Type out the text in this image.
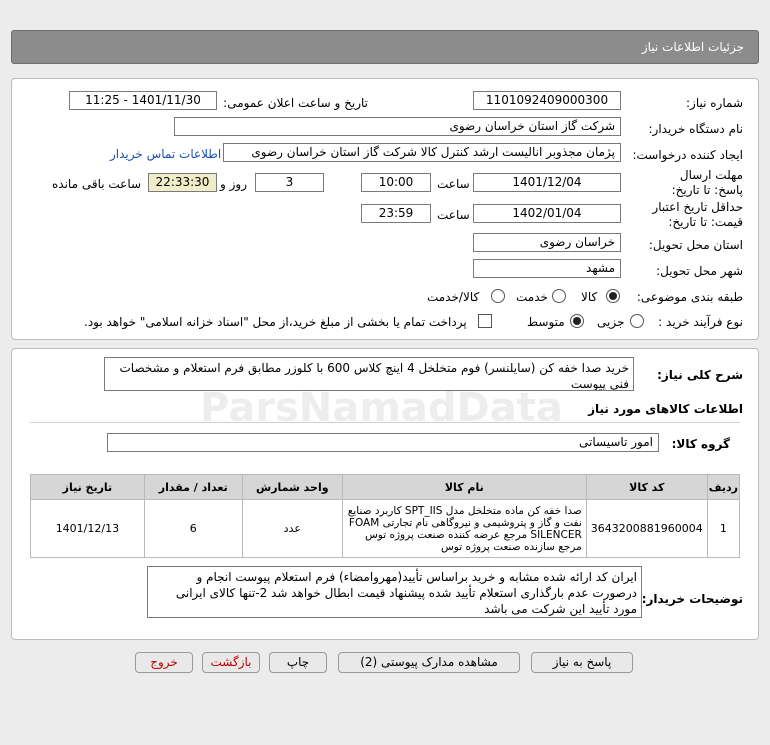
جزئیات اطلاعات نیاز
شماره نیاز:
1101092409000300
تاریخ و ساعت اعلان عمومی:
1401/11/30 - 11:25
نام دستگاه خریدار:
شرکت گاز استان خراسان رضوی
ایجاد کننده درخواست:
پژمان مجذوبر انالیست ارشد کنترل کالا شرکت گاز استان خراسان رضوی
اطلاعات تماس خریدار
مهلت ارسال پاسخ: تا تاریخ:
1401/12/04
ساعت
10:00
3
روز و
22:33:30
ساعت باقی مانده
حداقل تاریخ اعتبار قیمت: تا تاریخ:
1402/01/04
ساعت
23:59
استان محل تحویل:
خراسان رضوی
شهر محل تحویل:
مشهد
طبقه بندی موضوعی:
کالا
خدمت
کالا/خدمت
نوع فرآیند خرید :
جزیی
متوسط
پرداخت تمام یا بخشی از مبلغ خرید،از محل "اسناد خزانه اسلامی" خواهد بود.
شرح کلی نیاز:
خرید صدا خفه کن (سایلنسر) فوم متخلخل 4 اینچ کلاس 600 با کلوزر مطابق فرم استعلام و مشخصات فنی پیوست
اطلاعات کالاهای مورد نیاز
ParsNamadData
گروه کالا:
امور تاسیساتی
ردیف	کد کالا	نام کالا	واحد شمارش	تعداد / مقدار	تاریخ نیاز
1	3643200881960004	صدا خفه کن ماده متخلخل مدل SPT_IIS کاربرد صنایع نفت و گاز و پتروشیمی و نیروگاهی نام تجارتی FOAM SILENCER مرجع عرضه کننده صنعت پروژه توس مرجع سازنده صنعت پروژه توس	عدد	6	1401/12/13
توضیحات خریدار:
ایران کد ارائه شده مشابه و خرید براساس تأیید(مهروامضاء) فرم استعلام پیوست انجام و درصورت عدم بارگذاری استعلام تأیید شده پیشنهاد قیمت ابطال خواهد شد 2-تنها کالای ایرانی مورد تأیید این شرکت می باشد
پاسخ به نیاز
مشاهده مدارک پیوستی (2)
چاپ
بازگشت
خروج
